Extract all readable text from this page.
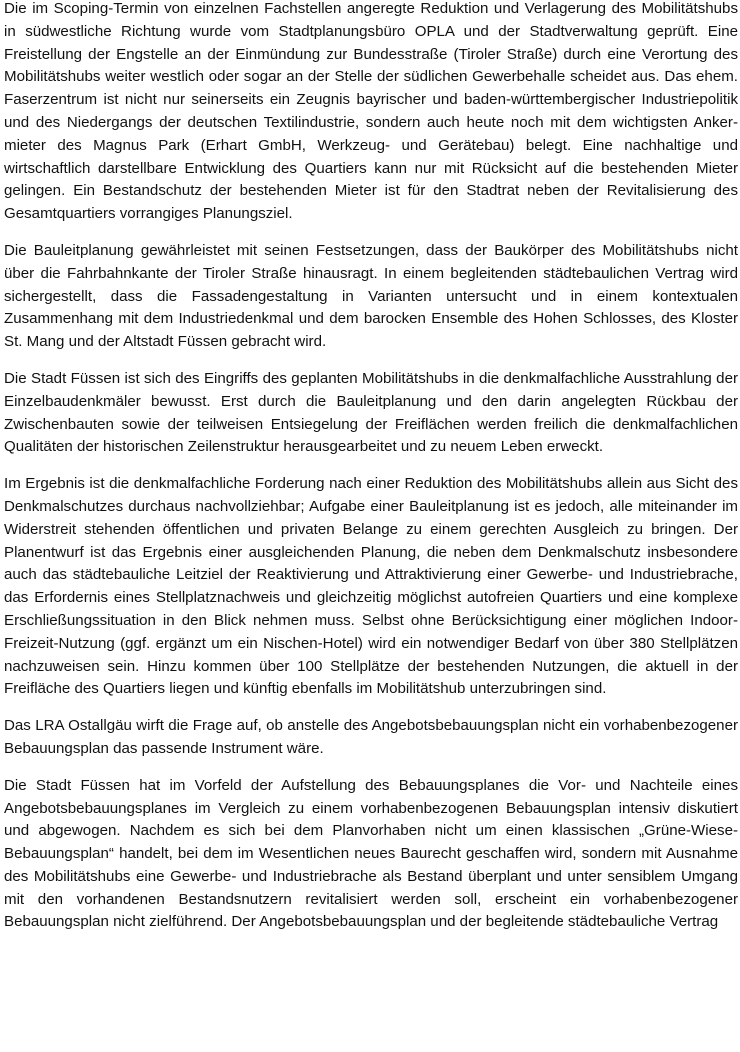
Die im Scoping-Termin von einzelnen Fachstellen angeregte Reduktion und Verlagerung des Mobilitätshubs in südwestliche Richtung wurde vom Stadtplanungsbüro OPLA und der Stadtverwaltung geprüft. Eine Freistellung der Engstelle an der Einmündung zur Bundesstraße (Tiroler Straße) durch eine Verortung des Mobilitätshubs weiter westlich oder sogar an der Stelle der südlichen Gewerbehalle scheidet aus. Das ehem. Faserzentrum ist nicht nur seinerseits ein Zeugnis bayrischer und baden-württembergischer Industriepolitik und des Niedergangs der deutschen Textilindustrie, sondern auch heute noch mit dem wichtigsten Ankermieter des Magnus Park (Erhart GmbH, Werkzeug- und Gerätebau) belegt. Eine nachhaltige und wirtschaftlich darstellbare Entwicklung des Quartiers kann nur mit Rücksicht auf die bestehenden Mieter gelingen. Ein Bestandschutz der bestehenden Mieter ist für den Stadtrat neben der Revitalisierung des Gesamtquartiers vorrangiges Planungsziel.

Die Bauleitplanung gewährleistet mit seinen Festsetzungen, dass der Baukörper des Mobilitätshubs nicht über die Fahrbahnkante der Tiroler Straße hinausragt. In einem begleitenden städtebaulichen Vertrag wird sichergestellt, dass die Fassadengestaltung in Varianten untersucht und in einem kontextualen Zusammenhang mit dem Industriedenkmal und dem barocken Ensemble des Hohen Schlosses, des Kloster St. Mang und der Altstadt Füssen gebracht wird.

Die Stadt Füssen ist sich des Eingriffs des geplanten Mobilitätshubs in die denkmalfachliche Ausstrahlung der Einzelbaudenkmäler bewusst. Erst durch die Bauleitplanung und den darin angelegten Rückbau der Zwischenbauten sowie der teilweisen Entsiegelung der Freiflächen werden freilich die denkmalfachlichen Qualitäten der historischen Zeilenstruktur herausgearbeitet und zu neuem Leben erweckt.

Im Ergebnis ist die denkmalfachliche Forderung nach einer Reduktion des Mobilitätshubs allein aus Sicht des Denkmalschutzes durchaus nachvollziehbar; Aufgabe einer Bauleitplanung ist es jedoch, alle miteinander im Widerstreit stehenden öffentlichen und privaten Belange zu einem gerechten Ausgleich zu bringen. Der Planentwurf ist das Ergebnis einer ausgleichenden Planung, die neben dem Denkmalschutz insbesondere auch das städtebauliche Leitziel der Reaktivierung und Attraktivierung einer Gewerbe- und Industriebrache, das Erfordernis eines Stellplatznachweis und gleichzeitig möglichst autofreien Quartiers und eine komplexe Erschließungssituation in den Blick nehmen muss. Selbst ohne Berücksichtigung einer möglichen Indoor-Freizeit-Nutzung (ggf. ergänzt um ein Nischen-Hotel) wird ein notwendiger Bedarf von über 380 Stellplätzen nachzuweisen sein. Hinzu kommen über 100 Stellplätze der bestehenden Nutzungen, die aktuell in der Freifläche des Quartiers liegen und künftig ebenfalls im Mobilitätshub unterzubringen sind.

Das LRA Ostallgäu wirft die Frage auf, ob anstelle des Angebotsbebauungsplan nicht ein vorhabenbezogener Bebauungsplan das passende Instrument wäre.

Die Stadt Füssen hat im Vorfeld der Aufstellung des Bebauungsplanes die Vor- und Nachteile eines Angebotsbebauungsplanes im Vergleich zu einem vorhabenbezogenen Bebauungsplan intensiv diskutiert und abgewogen. Nachdem es sich bei dem Planvorhaben nicht um einen klassischen „Grüne-Wiese-Bebauungsplan“ handelt, bei dem im Wesentlichen neues Baurecht geschaffen wird, sondern mit Ausnahme des Mobilitätshubs eine Gewerbe- und Industriebrache als Bestand überplant und unter sensiblem Umgang mit den vorhandenen Bestandsnutzern revitalisiert werden soll, erscheint ein vorhabenbezogener Bebauungsplan nicht zielführend. Der Angebotsbebauungsplan und der begleitende städtebauliche Vertrag
